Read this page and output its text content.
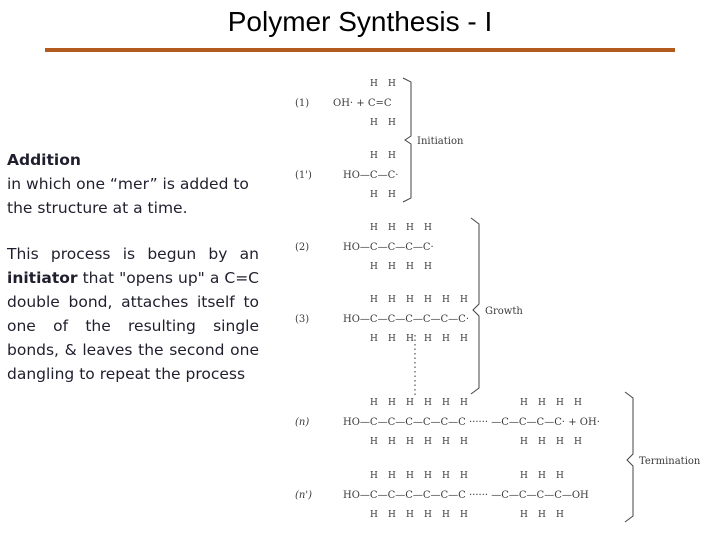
Polymer Synthesis - I

Addition

in which one “mer” is added to the structure at a time.

This process is begun by an initiator that "opens up" a C=C double bond, attaches itself to one of the resulting single bonds, & leaves the second one dangling to repeat the process

(1)
(1')
(2)
(3)
(n)
(n')
OH· + C=C
HO—C—C·
HO—C—C—C—C·
HO—C—C—C—C—C—C·
HO—C—C—C—C—C—C ······ —C—C—C—C· + OH·
HO—C—C—C—C—C—C ······ —C—C—C—C—OH
H H
H H
H H
H H
H H H H
H H H H
H H H H H H
H H H H H H
H H H H H H	H H H H
H H H H H H	H H H H
H H H H H H	H H H
H H H H H H	H H H
Initiation
Growth
Termination
